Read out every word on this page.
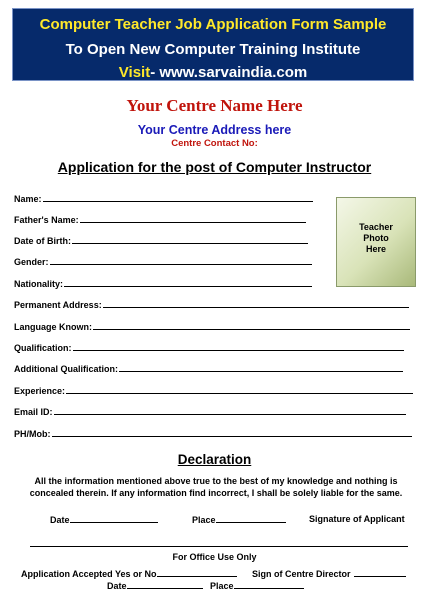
Computer Teacher Job Application Form Sample
To Open New Computer Training Institute
Visit- www.sarvaindia.com
Your Centre Name Here
Your Centre Address here
Centre Contact No:
Application for the post of Computer Instructor
Name:
Father's Name:
Date of Birth:
Gender:
Nationality:
Teacher
Photo
Here
Permanent Address:
Language Known:
Qualification:
Additional Qualification:
Experience:
Email ID:
PH/Mob:
Declaration
All the information mentioned above true to the best of my knowledge and nothing is concealed therein. If any information find incorrect, I shall be solely liable for the same.
Date	Place	Signature of Applicant
For Office Use Only
Application Accepted Yes or No	Sign of Centre Director
Date	Place
